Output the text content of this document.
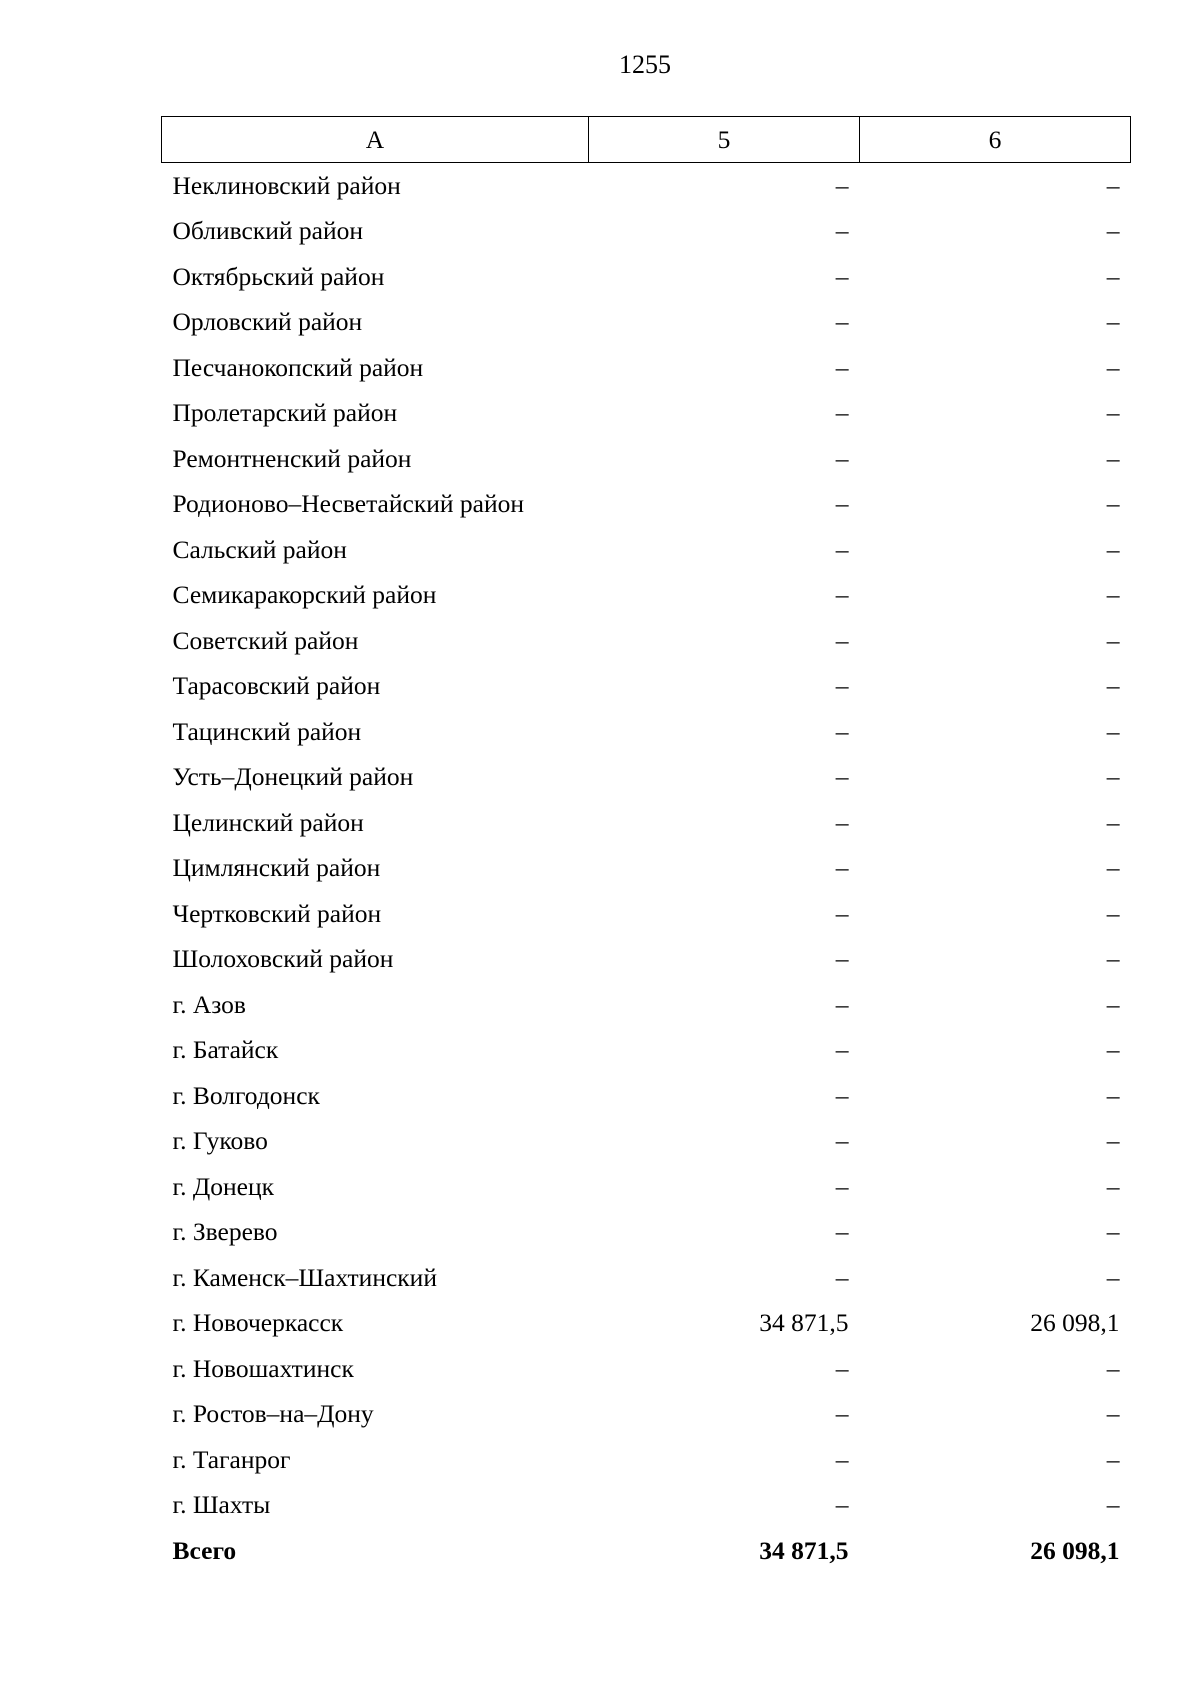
1255
А	5	6
Неклиновский район	–	–
Обливский район	–	–
Октябрьский район	–	–
Орловский район	–	–
Песчанокопский район	–	–
Пролетарский район	–	–
Ремонтненский район	–	–
Родионово–Несветайский район	–	–
Сальский район	–	–
Семикаракорский район	–	–
Советский район	–	–
Тарасовский район	–	–
Тацинский район	–	–
Усть–Донецкий район	–	–
Целинский район	–	–
Цимлянский район	–	–
Чертковский район	–	–
Шолоховский район	–	–
г. Азов	–	–
г. Батайск	–	–
г. Волгодонск	–	–
г. Гуково	–	–
г. Донецк	–	–
г. Зверево	–	–
г. Каменск–Шахтинский	–	–
г. Новочеркасск	34 871,5	26 098,1
г. Новошахтинск	–	–
г. Ростов–на–Дону	–	–
г. Таганрог	–	–
г. Шахты	–	–
Всего	34 871,5	26 098,1
